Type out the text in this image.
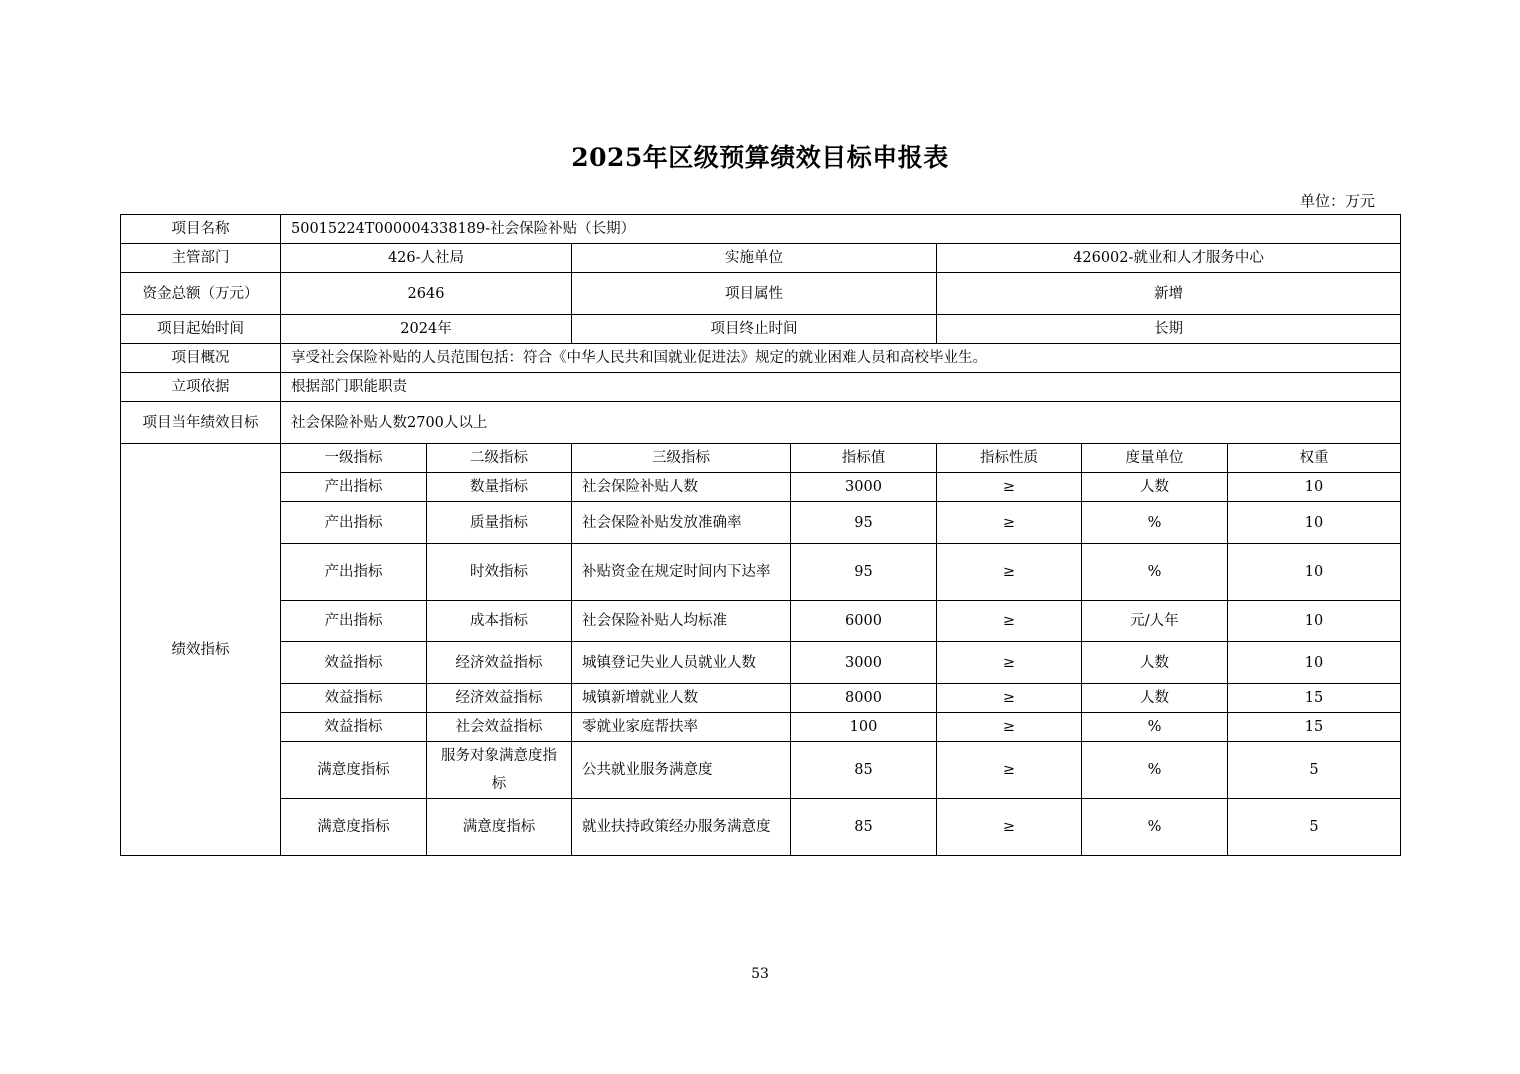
2025年区级预算绩效目标申报表
单位：万元
项目名称	50015224T000004338189-社会保险补贴（长期）						
主管部门	426-人社局		实施单位		426002-就业和人才服务中心		
资金总额（万元）	2646		项目属性		新增		
项目起始时间	2024年		项目终止时间		长期		
项目概况	享受社会保险补贴的人员范围包括：符合《中华人民共和国就业促进法》规定的就业困难人员和高校毕业生。						
立项依据	根据部门职能职责						
项目当年绩效目标	社会保险补贴人数2700人以上						
绩效指标	一级指标	二级指标	三级指标	指标值	指标性质	度量单位	权重
	产出指标	数量指标	社会保险补贴人数	3000	≥	人数	10
	产出指标	质量指标	社会保险补贴发放准确率	95	≥	%	10
	产出指标	时效指标	补贴资金在规定时间内下达率	95	≥	%	10
	产出指标	成本指标	社会保险补贴人均标准	6000	≥	元/人年	10
	效益指标	经济效益指标	城镇登记失业人员就业人数	3000	≥	人数	10
	效益指标	经济效益指标	城镇新增就业人数	8000	≥	人数	15
	效益指标	社会效益指标	零就业家庭帮扶率	100	≥	%	15
	满意度指标	服务对象满意度指标	公共就业服务满意度	85	≥	%	5
	满意度指标	满意度指标	就业扶持政策经办服务满意度	85	≥	%	5
53
